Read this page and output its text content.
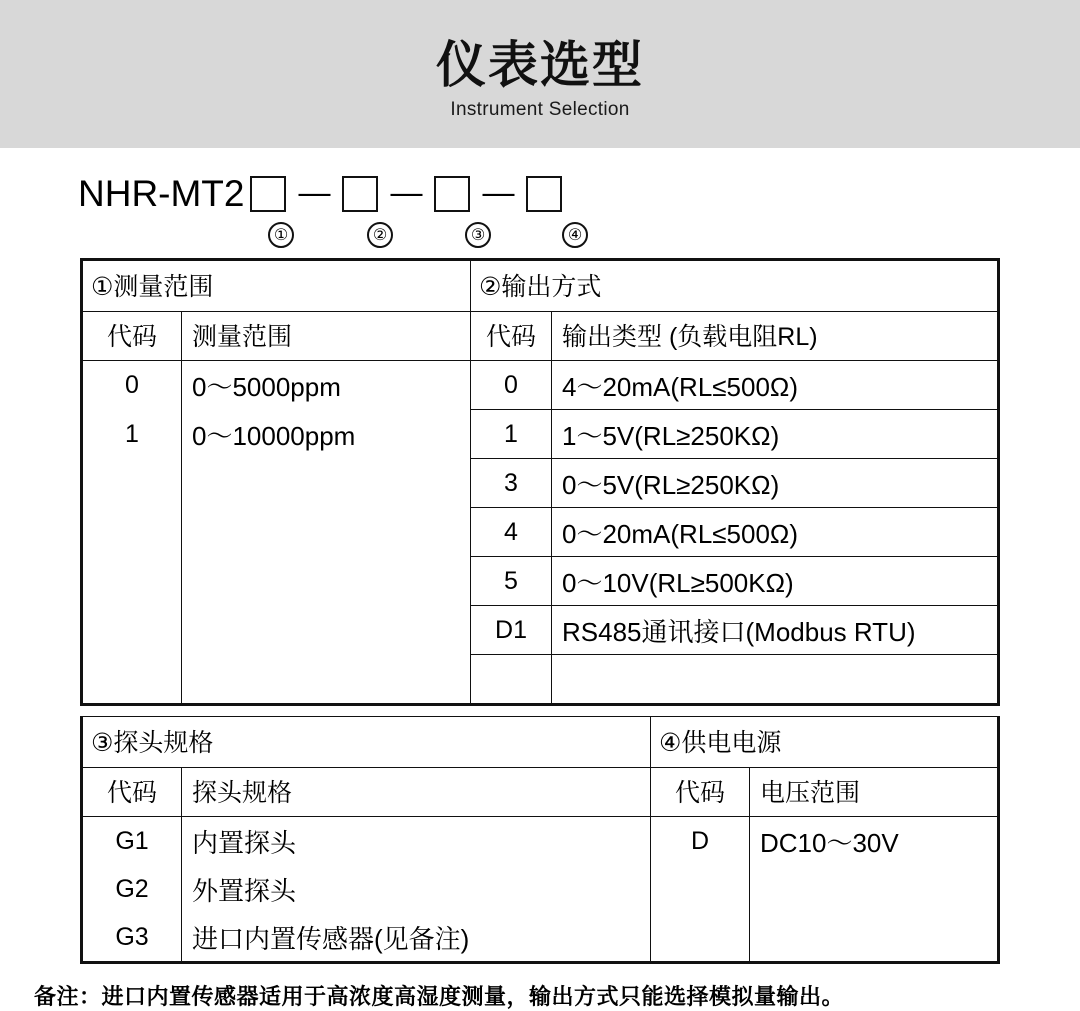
仪表选型
Instrument Selection
NHR-MT2 — — —
①	②	③	④
①测量范围		②输出方式	
代码	测量范围	代码	输出类型 (负载电阻RL)
0	0～5000ppm	0	4～20mA(RL≤500Ω)
1	0～10000ppm	1	1～5V(RL≥250KΩ)
		3	0～5V(RL≥250KΩ)
		4	0～20mA(RL≤500Ω)
		5	0～10V(RL≥500KΩ)
		D1	RS485通讯接口(Modbus RTU)

③探头规格		④供电电源	
代码	探头规格	代码	电压范围
G1	内置探头	D	DC10～30V
G2	外置探头		
G3	进口内置传感器(见备注)		
备注：进口内置传感器适用于高浓度高湿度测量，输出方式只能选择模拟量输出。
